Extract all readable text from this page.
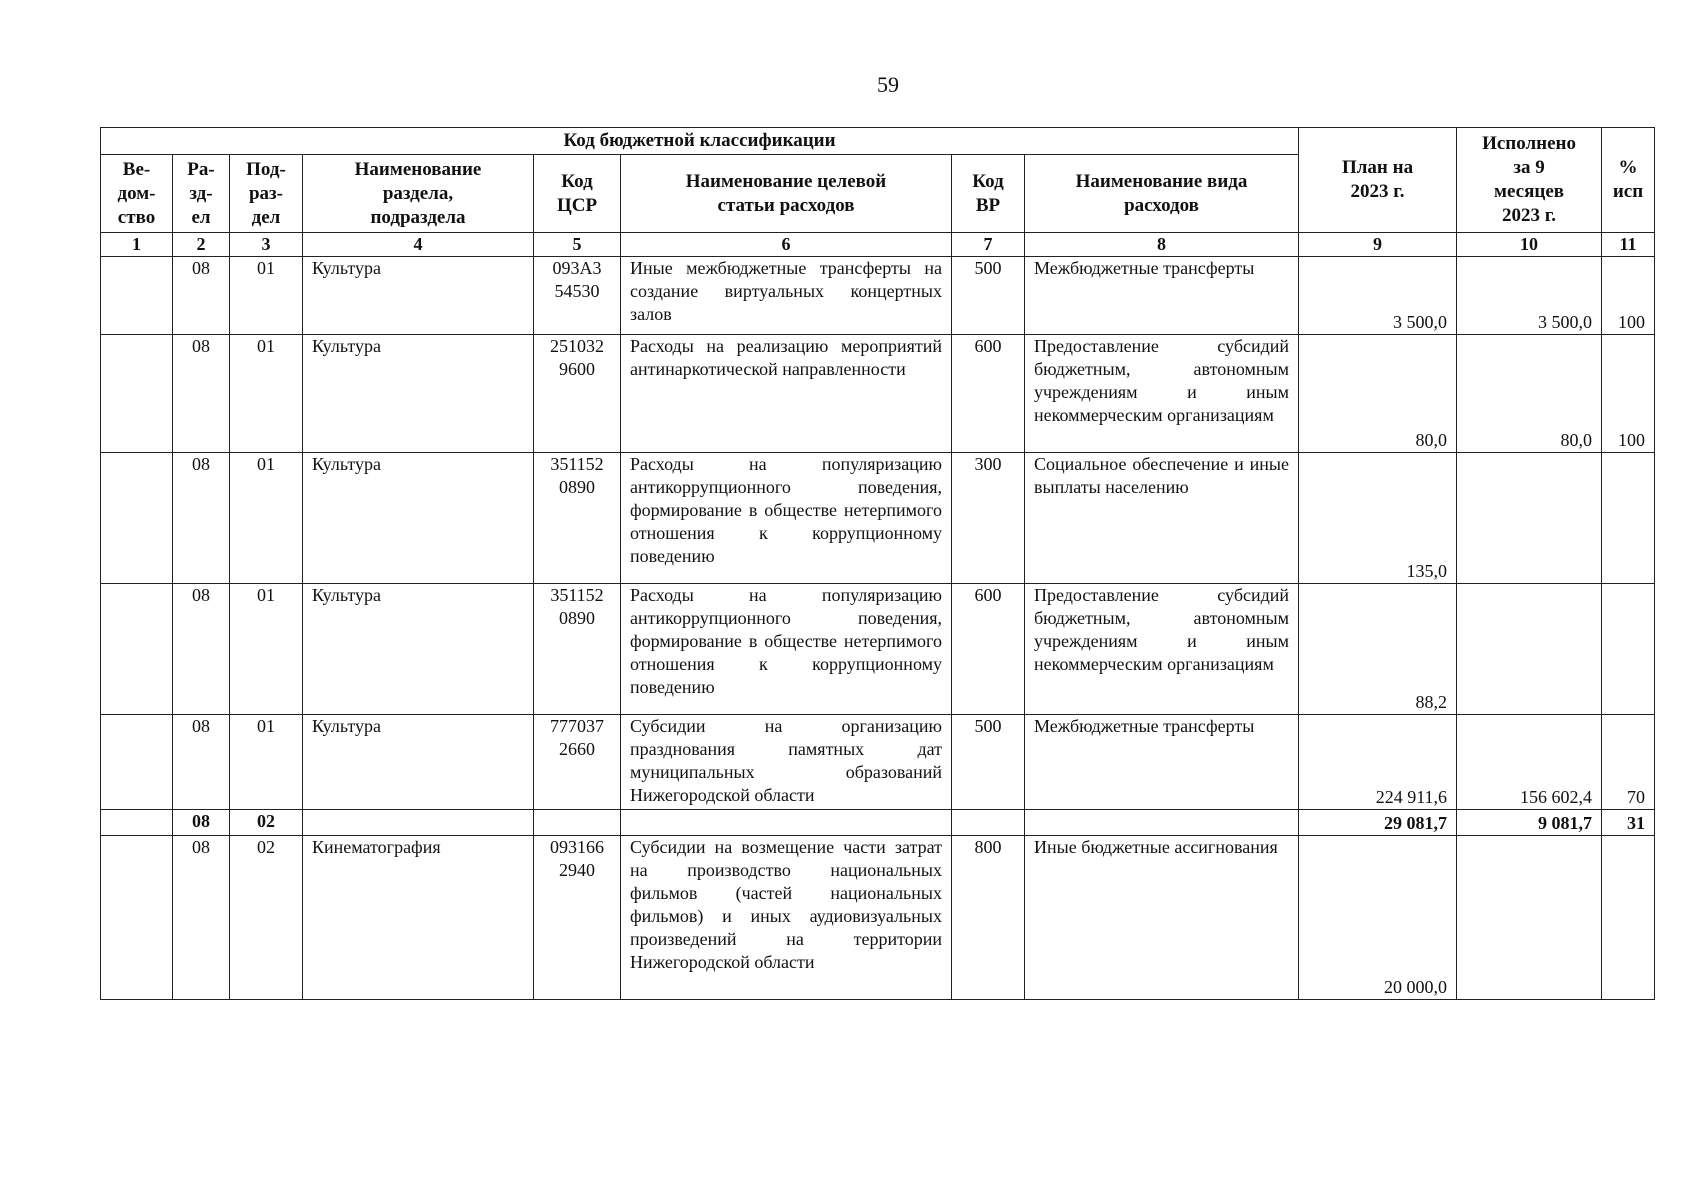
59
Код бюджетной классификации								План на
2023 г.	Исполнено
за 9
месяцев
2023 г.	%
исп
Ве-
дом-
ство	Ра-
зд-
ел	Под-
раз-
дел	Наименование
раздела,
подраздела	Код
ЦСР	Наименование целевой
статьи расходов	Код
ВР	Наименование вида
расходов			
1	2	3	4	5	6	7	8	9	10	11
	08	01	Культура	093А3
54530	Иные межбюджетные трансферты на создание виртуальных концертных залов	500	Межбюджетные трансферты	3 500,0	3 500,0	100
	08	01	Культура	251032
9600	Расходы на реализацию мероприятий антинаркотической направленности	600	Предоставление субсидий бюджетным, автономным учреждениям и иным некоммерческим организациям	80,0	80,0	100
	08	01	Культура	351152
0890	Расходы на популяризацию антикоррупционного поведения, формирование в обществе нетерпимого отношения к коррупционному поведению	300	Социальное обеспечение и иные выплаты населению	135,0		
	08	01	Культура	351152
0890	Расходы на популяризацию антикоррупционного поведения, формирование в обществе нетерпимого отношения к коррупционному поведению	600	Предоставление субсидий бюджетным, автономным учреждениям и иным некоммерческим организациям	88,2		
	08	01	Культура	777037
2660	Субсидии на организацию празднования памятных дат муниципальных образований Нижегородской области	500	Межбюджетные трансферты	224 911,6	156 602,4	70
	08	02						29 081,7	9 081,7	31
	08	02	Кинематография	093166
2940	Субсидии на возмещение части затрат на производство национальных фильмов (частей национальных фильмов) и иных аудиовизуальных произведений на территории Нижегородской области	800	Иные бюджетные ассигнования	20 000,0		
